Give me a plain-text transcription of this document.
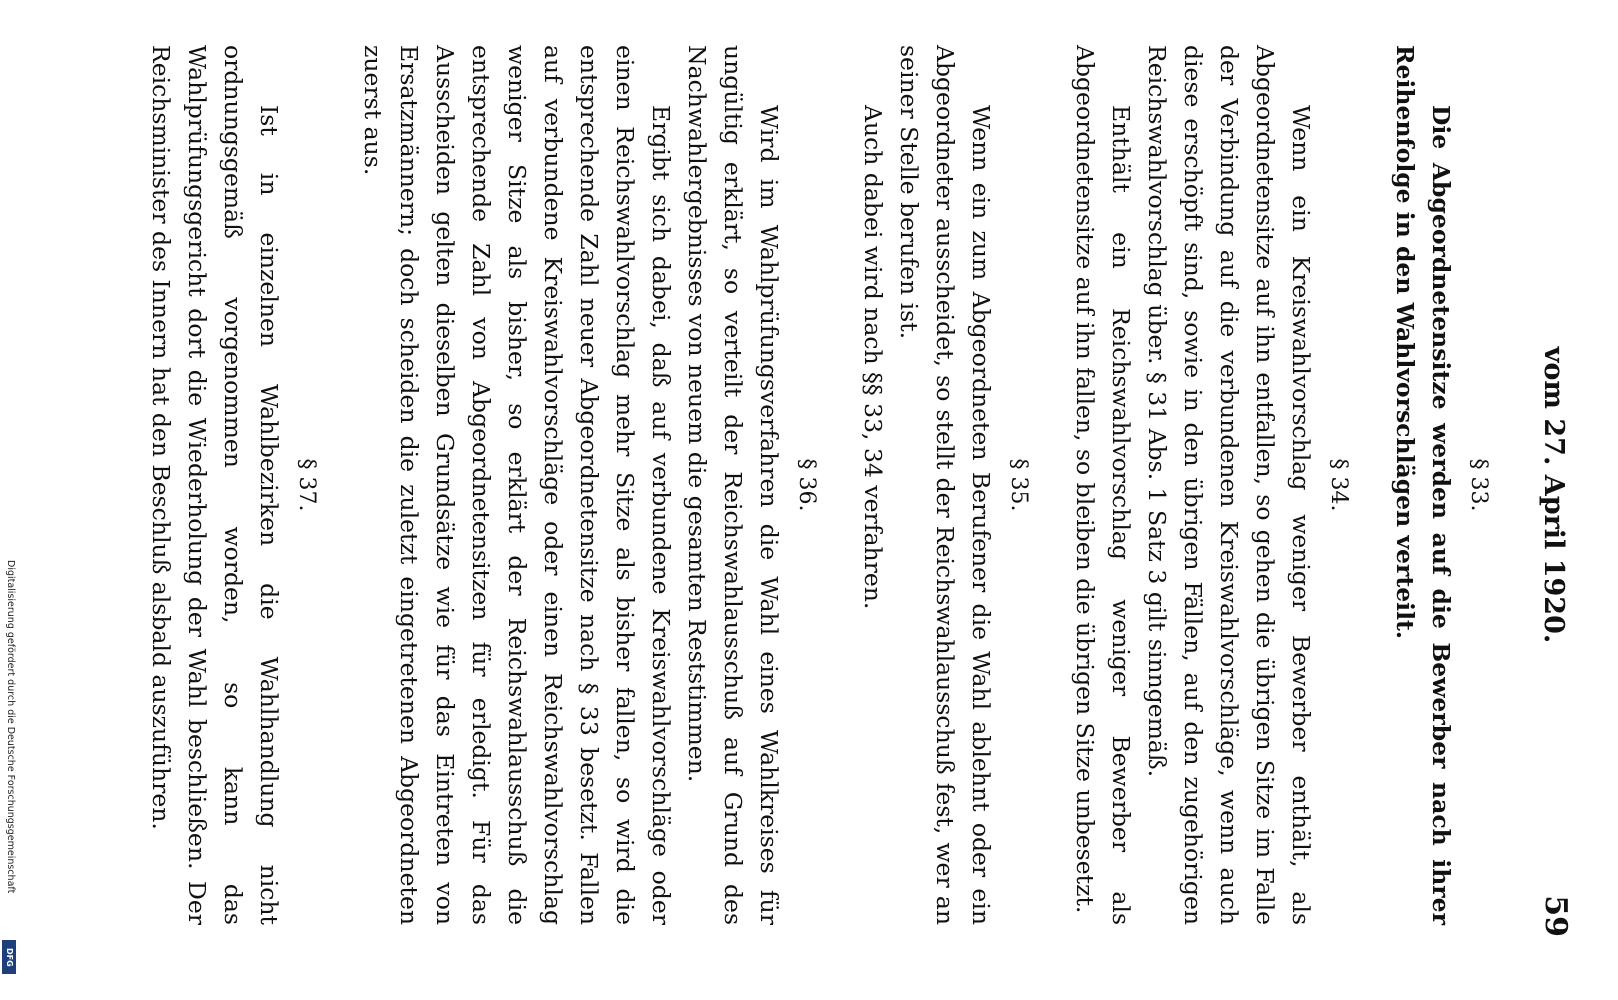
vom 27. April 1920.
59
§ 33.

Die Abgeordnetensitze werden auf die Bewerber nach ihrer Reihenfolge in den Wahlvorschlägen verteilt.

§ 34.

Wenn ein Kreiswahlvorschlag weniger Bewerber enthält, als Abgeordnetensitze auf ihn entfallen, so gehen die übrigen Sitze im Falle der Verbindung auf die verbundenen Kreiswahlvorschläge, wenn auch diese erschöpft sind, sowie in den übrigen Fällen, auf den zugehörigen Reichswahlvorschlag über. § 31 Abs. 1 Satz 3 gilt sinngemäß.

Enthält ein Reichswahlvorschlag weniger Bewerber als Abgeordnetensitze auf ihn fallen, so bleiben die übrigen Sitze unbesetzt.

§ 35.

Wenn ein zum Abgeordneten Berufener die Wahl ablehnt oder ein Abgeordneter ausscheidet, so stellt der Reichswahlausschuß fest, wer an seiner Stelle berufen ist.

Auch dabei wird nach §§ 33, 34 verfahren.

§ 36.

Wird im Wahlprüfungsverfahren die Wahl eines Wahlkreises für ungültig erklärt, so verteilt der Reichswahlausschuß auf Grund des Nachwahlergebnisses von neuem die gesamten Reststimmen.

Ergibt sich dabei, daß auf verbundene Kreiswahlvorschläge oder einen Reichswahlvorschlag mehr Sitze als bisher fallen, so wird die entsprechende Zahl neuer Abgeordnetensitze nach § 33 besetzt. Fallen auf verbundene Kreiswahlvorschläge oder einen Reichswahlvorschlag weniger Sitze als bisher, so erklärt der Reichswahlausschuß die entsprechende Zahl von Abgeordnetensitzen für erledigt. Für das Ausscheiden gelten dieselben Grundsätze wie für das Eintreten von Ersatzmännern; doch scheiden die zuletzt eingetretenen Abgeordneten zuerst aus.

§ 37.

Ist in einzelnen Wahlbezirken die Wahlhandlung nicht ordnungsgemäß vorgenommen worden, so kann das Wahlprüfungsgericht dort die Wiederholung der Wahl beschließen. Der Reichsminister des Innern hat den Beschluß alsbald auszuführen.

Digitalisierung gefördert durch die Deutsche Forschungsgemeinschaft
DFG
